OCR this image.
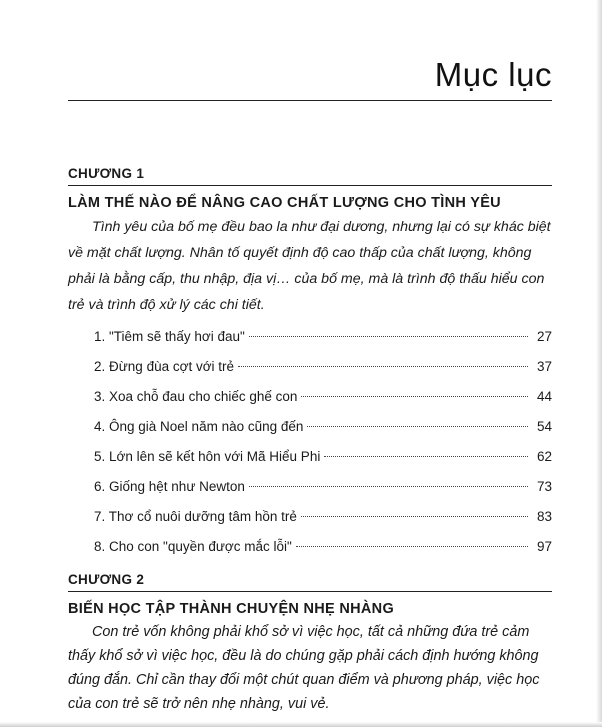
Mục lục
CHƯƠNG 1
LÀM THẾ NÀO ĐỂ NÂNG CAO CHẤT LƯỢNG CHO TÌNH YÊU

Tình yêu của bố mẹ đều bao la như đại dương, nhưng lại có sự khác biệt về mặt chất lượng. Nhân tố quyết định độ cao thấp của chất lượng, không phải là bằng cấp, thu nhập, địa vị… của bố mẹ, mà là trình độ thấu hiểu con trẻ và trình độ xử lý các chi tiết.

1. "Tiêm sẽ thấy hơi đau"	27
2. Đừng đùa cợt với trẻ	37
3. Xoa chỗ đau cho chiếc ghế con	44
4. Ông già Noel năm nào cũng đến	54
5. Lớn lên sẽ kết hôn với Mã Hiểu Phi	62
6. Giống hệt như Newton	73
7. Thơ cổ nuôi dưỡng tâm hồn trẻ	83
8. Cho con "quyền được mắc lỗi"	97
CHƯƠNG 2
BIẾN HỌC TẬP THÀNH CHUYỆN NHẸ NHÀNG

Con trẻ vốn không phải khổ sở vì việc học, tất cả những đứa trẻ cảm thấy khổ sở vì việc học, đều là do chúng gặp phải cách định hướng không đúng đắn. Chỉ cần thay đổi một chút quan điểm và phương pháp, việc học của con trẻ sẽ trở nên nhẹ nhàng, vui vẻ.
